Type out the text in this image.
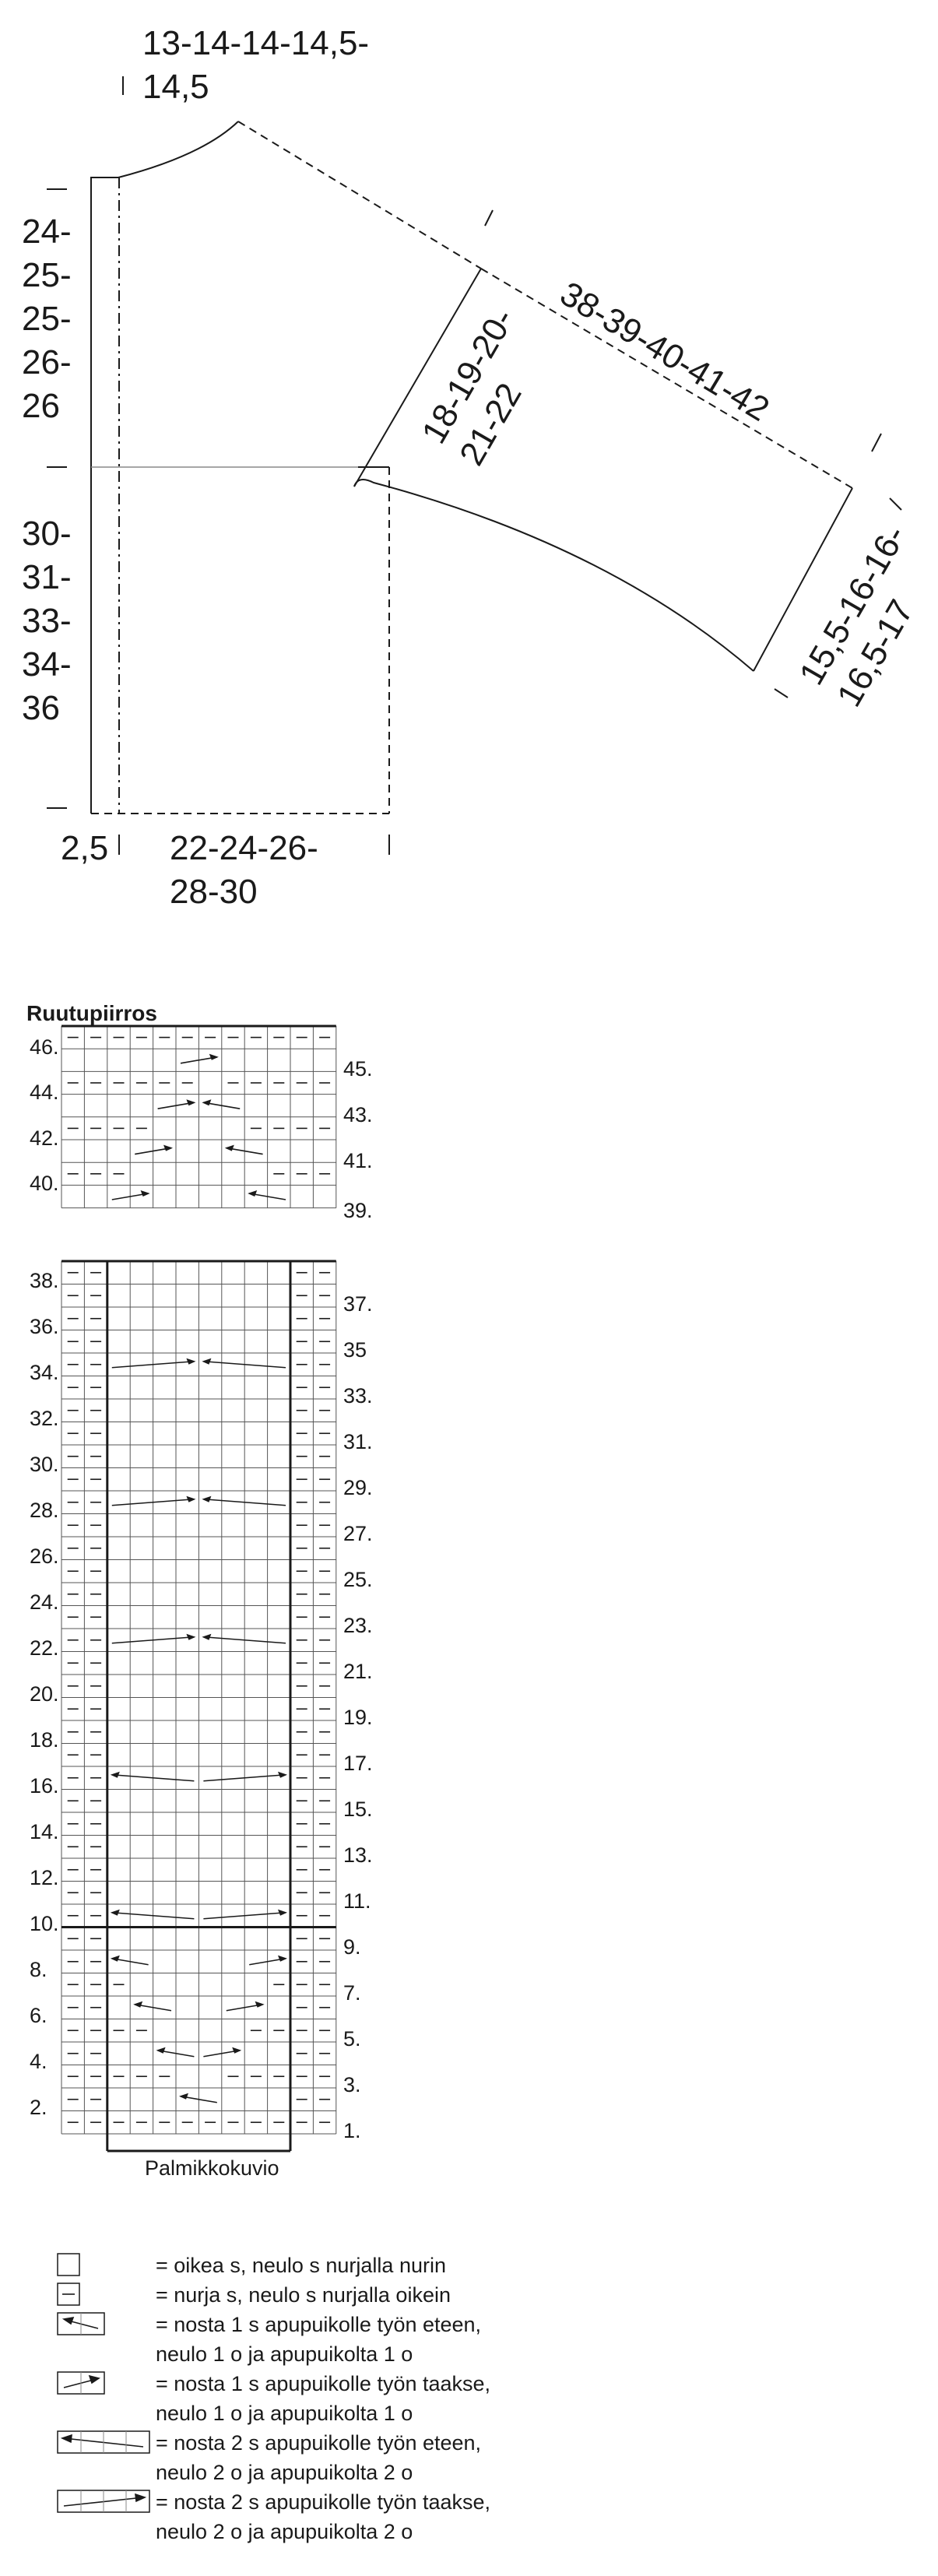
13-14-14-14,5-
14,5
24-
25-
25-
26-
26
30-
31-
33-
34-
36
2,5 22-24-26-
28-30
38-39-40-41-42
18-19-20-
21-22
15,5-16-16-
16,5-17
Ruutupiirros
46.
44.
42.
40.
45.
43.
41.
39.
38.
36.
34.
32.
30.
28.
26.
24.
22.
20.
18.
16.
14.
12.
10.
8.
6.
4.
2.
37.
35
33.
31.
29.
27.
25.
23.
21.
19.
17.
15.
13.
11.
9.
7.
5.
3.
1.
Palmikkokuvio
= oikea s, neulo s nurjalla nurin
= nurja s, neulo s nurjalla oikein
= nosta 1 s apupuikolle työn eteen,
neulo 1 o ja apupuikolta 1 o
= nosta 1 s apupuikolle työn taakse,
neulo 1 o ja apupuikolta 1 o
= nosta 2 s apupuikolle työn eteen,
neulo 2 o ja apupuikolta 2 o
= nosta 2 s apupuikolle työn taakse,
neulo 2 o ja apupuikolta 2 o
